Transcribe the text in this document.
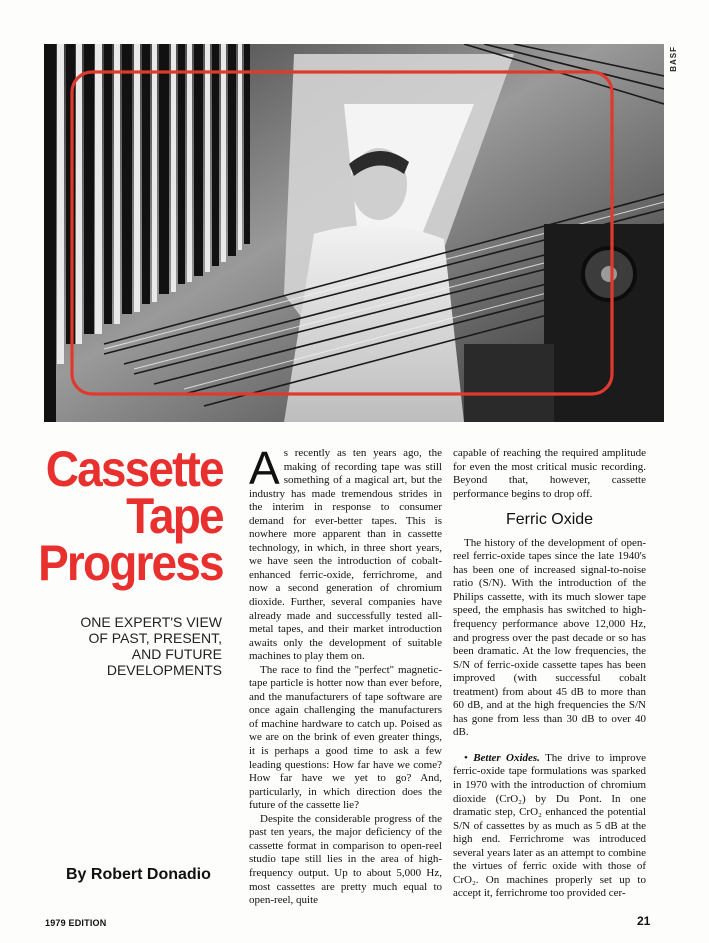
BASF
Cassette
Tape
Progress
ONE EXPERT'S VIEW
OF PAST, PRESENT,
AND FUTURE
DEVELOPMENTS
By Robert Donadio

As recently as ten years ago, the making of recording tape was still something of a magical art, but the industry has made tremendous strides in the interim in response to consumer demand for ever-better tapes. This is nowhere more apparent than in cassette technology, in which, in three short years, we have seen the introduction of cobalt-enhanced ferric-oxide, ferrichrome, and now a second generation of chromium dioxide. Further, several companies have already made and successfully tested all-metal tapes, and their market introduction awaits only the development of suitable machines to play them on.

The race to find the "perfect" magnetic-tape particle is hotter now than ever before, and the manufacturers of tape software are once again challenging the manufacturers of machine hardware to catch up. Poised as we are on the brink of even greater things, it is perhaps a good time to ask a few leading questions: How far have we come? How far have we yet to go? And, particularly, in which direction does the future of the cassette lie?

Despite the considerable progress of the past ten years, the major deficiency of the cassette format in comparison to open-reel studio tape still lies in the area of high-frequency output. Up to about 5,000 Hz, most cassettes are pretty much equal to open-reel, quite

capable of reaching the required amplitude for even the most critical music recording. Beyond that, however, cassette performance begins to drop off.

Ferric Oxide

The history of the development of open-reel ferric-oxide tapes since the late 1940's has been one of increased signal-to-noise ratio (S/N). With the introduction of the Philips cassette, with its much slower tape speed, the emphasis has switched to high-frequency performance above 12,000 Hz, and progress over the past decade or so has been dramatic. At the low frequencies, the S/N of ferric-oxide cassette tapes has been improved (with successful cobalt treatment) from about 45 dB to more than 60 dB, and at the high frequencies the S/N has gone from less than 30 dB to over 40 dB.

• Better Oxides. The drive to improve ferric-oxide tape formulations was sparked in 1970 with the introduction of chromium dioxide (CrO₂) by Du Pont. In one dramatic step, CrO₂ enhanced the potential S/N of cassettes by as much as 5 dB at the high end. Ferrichrome was introduced several years later as an attempt to combine the virtues of ferric oxide with those of CrO₂. On machines properly set up to accept it, ferrichrome too provided cer-

1979 EDITION	21
